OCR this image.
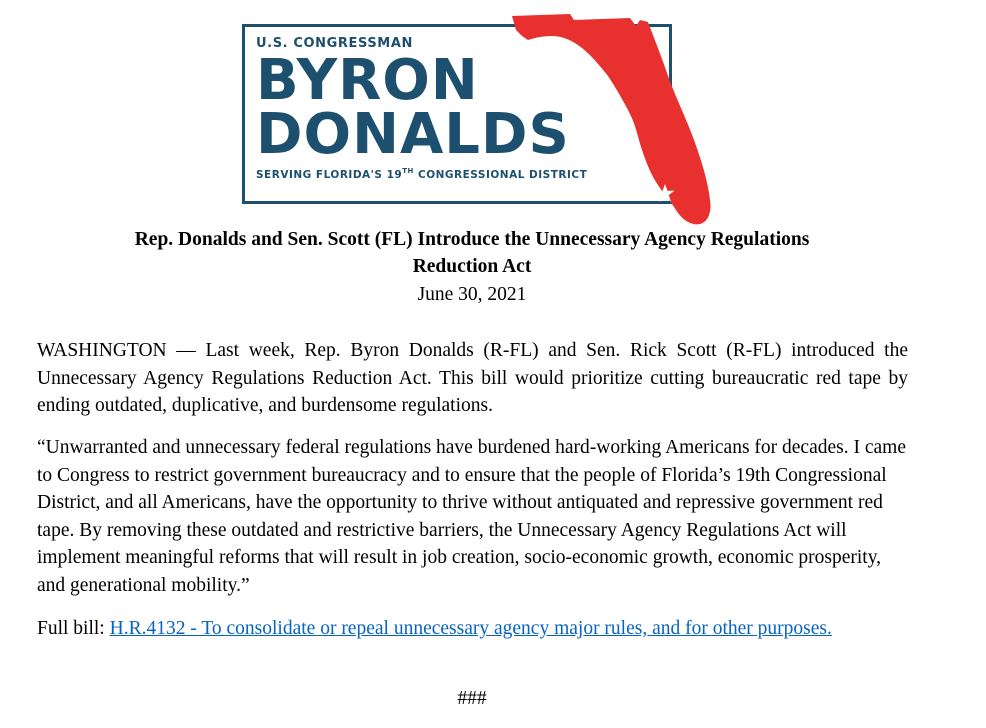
U.S. CONGRESSMAN
BYRON
DONALDS
SERVING FLORIDA'S 19TH CONGRESSIONAL DISTRICT
Rep. Donalds and Sen. Scott (FL) Introduce the Unnecessary Agency Regulations
Reduction Act

June 30, 2021

WASHINGTON — Last week, Rep. Byron Donalds (R-FL) and Sen. Rick Scott (R-FL) introduced the Unnecessary Agency Regulations Reduction Act. This bill would prioritize cutting bureaucratic red tape by ending outdated, duplicative, and burdensome regulations.

“Unwarranted and unnecessary federal regulations have burdened hard-working Americans for decades. I came to Congress to restrict government bureaucracy and to ensure that the people of Florida’s 19th Congressional District, and all Americans, have the opportunity to thrive without antiquated and repressive government red tape. By removing these outdated and restrictive barriers, the Unnecessary Agency Regulations Act will implement meaningful reforms that will result in job creation, socio-economic growth, economic prosperity, and generational mobility.”

Full bill: H.R.4132 - To consolidate or repeal unnecessary agency major rules, and for other purposes.

###
